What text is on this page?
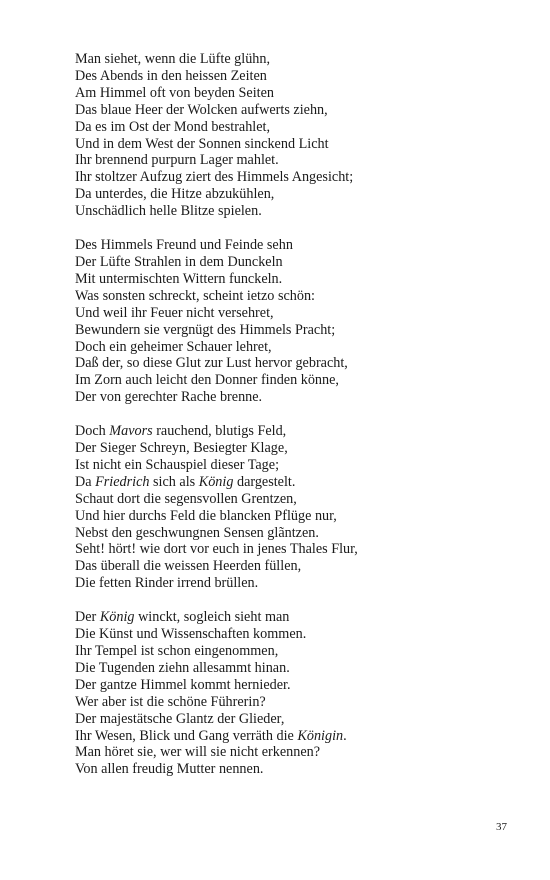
Man siehet, wenn die Lüfte glühn,
Des Abends in den heissen Zeiten
Am Himmel oft von beyden Seiten
Das blaue Heer der Wolcken aufwerts ziehn,
Da es im Ost der Mond bestrahlet,
Und in dem West der Sonnen sinckend Licht
Ihr brennend purpurn Lager mahlet.
Ihr stoltzer Aufzug ziert des Himmels Angesicht;
Da unterdes, die Hitze abzukühlen,
Unschädlich helle Blitze spielen.
Des Himmels Freund und Feinde sehn
Der Lüfte Strahlen in dem Dunckeln
Mit untermischten Wittern funckeln.
Was sonsten schreckt, scheint ietzo schön:
Und weil ihr Feuer nicht versehret,
Bewundern sie vergnügt des Himmels Pracht;
Doch ein geheimer Schauer lehret,
Daß der, so diese Glut zur Lust hervor gebracht,
Im Zorn auch leicht den Donner finden könne,
Der von gerechter Rache brenne.
Doch Mavors rauchend, blutigs Feld,
Der Sieger Schreyn, Besiegter Klage,
Ist nicht ein Schauspiel dieser Tage;
Da Friedrich sich als König dargestelt.
Schaut dort die segensvollen Grentzen,
Und hier durchs Feld die blancken Pflüge nur,
Nebst den geschwungnen Sensen glãntzen.
Seht! hört! wie dort vor euch in jenes Thales Flur,
Das überall die weissen Heerden füllen,
Die fetten Rinder irrend brüllen.
Der König winckt, sogleich sieht man
Die Künst und Wissenschaften kommen.
Ihr Tempel ist schon eingenommen,
Die Tugenden ziehn allesammt hinan.
Der gantze Himmel kommt hernieder.
Wer aber ist die schöne Führerin?
Der majestätsche Glantz der Glieder,
Ihr Wesen, Blick und Gang verräth die Königin.
Man höret sie, wer will sie nicht erkennen?
Von allen freudig Mutter nennen.
37
